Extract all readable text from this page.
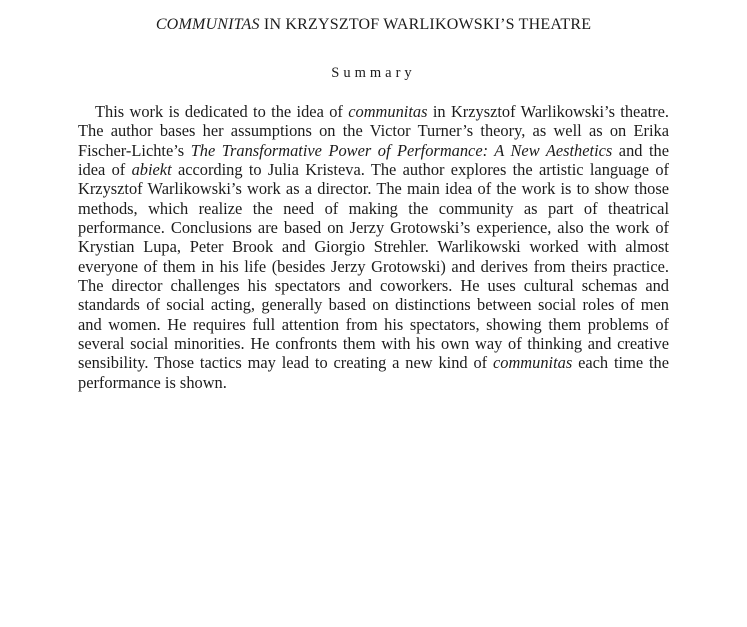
COMMUNITAS IN KRZYSZTOF WARLIKOWSKI’S THEATRE
Summary
This work is dedicated to the idea of communitas in Krzysztof Warlikowski’s theatre. The author bases her assumptions on the Victor Turner’s theory, as well as on Erika Fischer-Lichte’s The Transformative Power of Performance: A New Aesthetics and the idea of abiekt according to Julia Kristeva. The author explores the artistic language of Krzysztof Warlikowski’s work as a director. The main idea of the work is to show those methods, which realize the need of making the community as part of theatrical performance. Conclusions are based on Jerzy Grotowski’s experience, also the work of Krystian Lupa, Peter Brook and Giorgio Strehler. Warlikowski worked with almost everyone of them in his life (besides Jerzy Grotowski) and derives from theirs practice. The director challenges his spectators and coworkers. He uses cultural schemas and standards of social acting, generally based on distinctions between social roles of men and women. He requires full attention from his spectators, showing them problems of several social minorities. He confronts them with his own way of thinking and creative sensibility. Those tactics may lead to creating a new kind of communitas each time the performance is shown.
